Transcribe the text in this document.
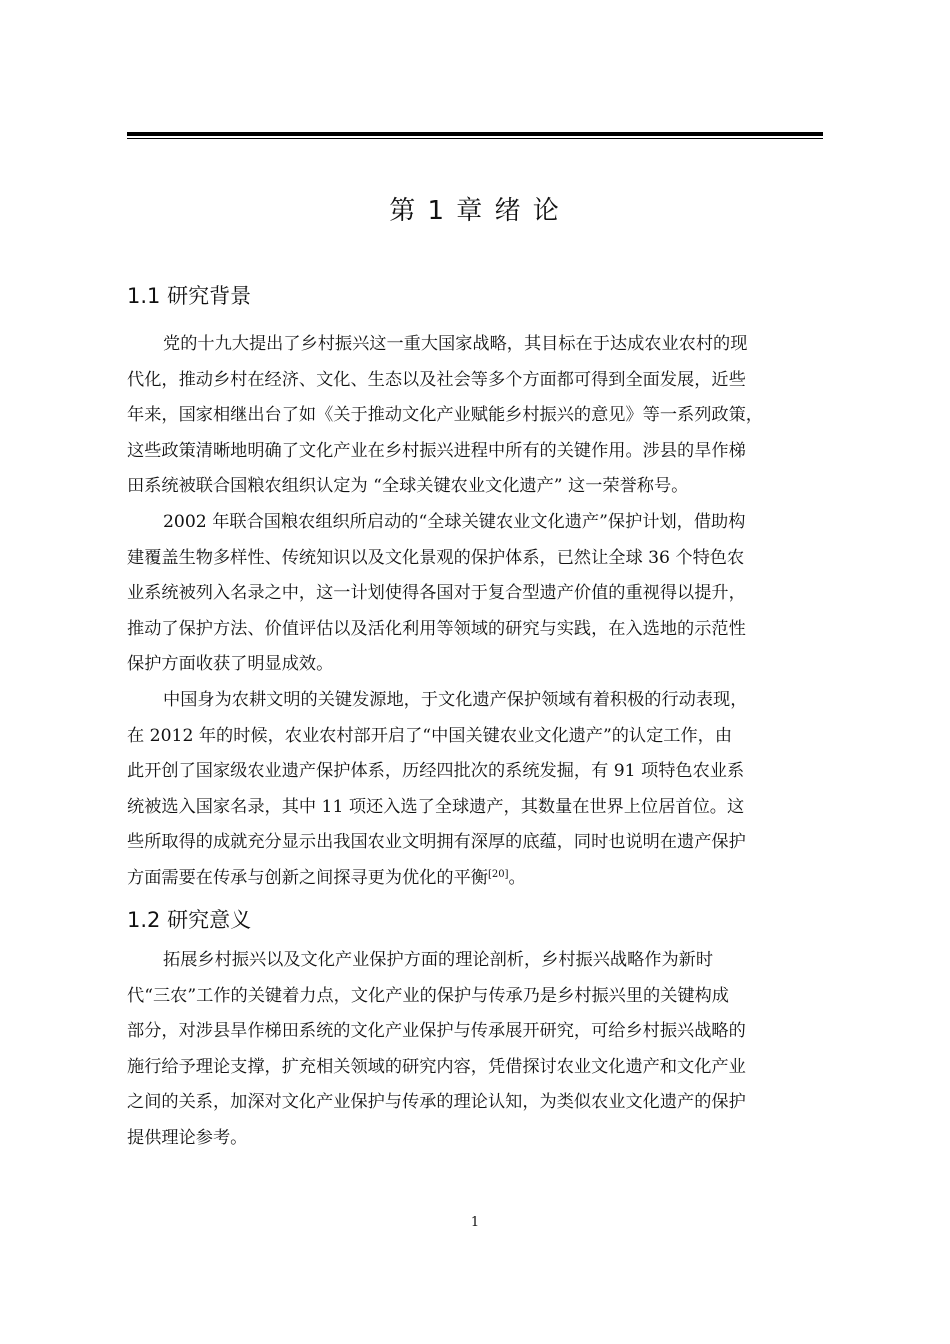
第 1 章 绪 论
1.1 研究背景
党的十九大提出了乡村振兴这一重大国家战略，其目标在于达成农业农村的现
代化，推动乡村在经济、文化、生态以及社会等多个方面都可得到全面发展，近些
年来，国家相继出台了如《关于推动文化产业赋能乡村振兴的意见》等一系列政策，
这些政策清晰地明确了文化产业在乡村振兴进程中所有的关键作用。涉县的旱作梯
田系统被联合国粮农组织认定为 “全球关键农业文化遗产” 这一荣誉称号。
2002 年联合国粮农组织所启动的“全球关键农业文化遗产”保护计划，借助构
建覆盖生物多样性、传统知识以及文化景观的保护体系，已然让全球 36 个特色农
业系统被列入名录之中，这一计划使得各国对于复合型遗产价值的重视得以提升，
推动了保护方法、价值评估以及活化利用等领域的研究与实践，在入选地的示范性
保护方面收获了明显成效。
中国身为农耕文明的关键发源地，于文化遗产保护领域有着积极的行动表现，
在 2012 年的时候，农业农村部开启了“中国关键农业文化遗产”的认定工作，由
此开创了国家级农业遗产保护体系，历经四批次的系统发掘，有 91 项特色农业系
统被选入国家名录，其中 11 项还入选了全球遗产，其数量在世界上位居首位。这
些所取得的成就充分显示出我国农业文明拥有深厚的底蕴，同时也说明在遗产保护
方面需要在传承与创新之间探寻更为优化的平衡[20]。
1.2 研究意义
拓展乡村振兴以及文化产业保护方面的理论剖析，乡村振兴战略作为新时
代“三农”工作的关键着力点，文化产业的保护与传承乃是乡村振兴里的关键构成
部分，对涉县旱作梯田系统的文化产业保护与传承展开研究，可给乡村振兴战略的
施行给予理论支撑，扩充相关领域的研究内容，凭借探讨农业文化遗产和文化产业
之间的关系，加深对文化产业保护与传承的理论认知，为类似农业文化遗产的保护
提供理论参考。
1
